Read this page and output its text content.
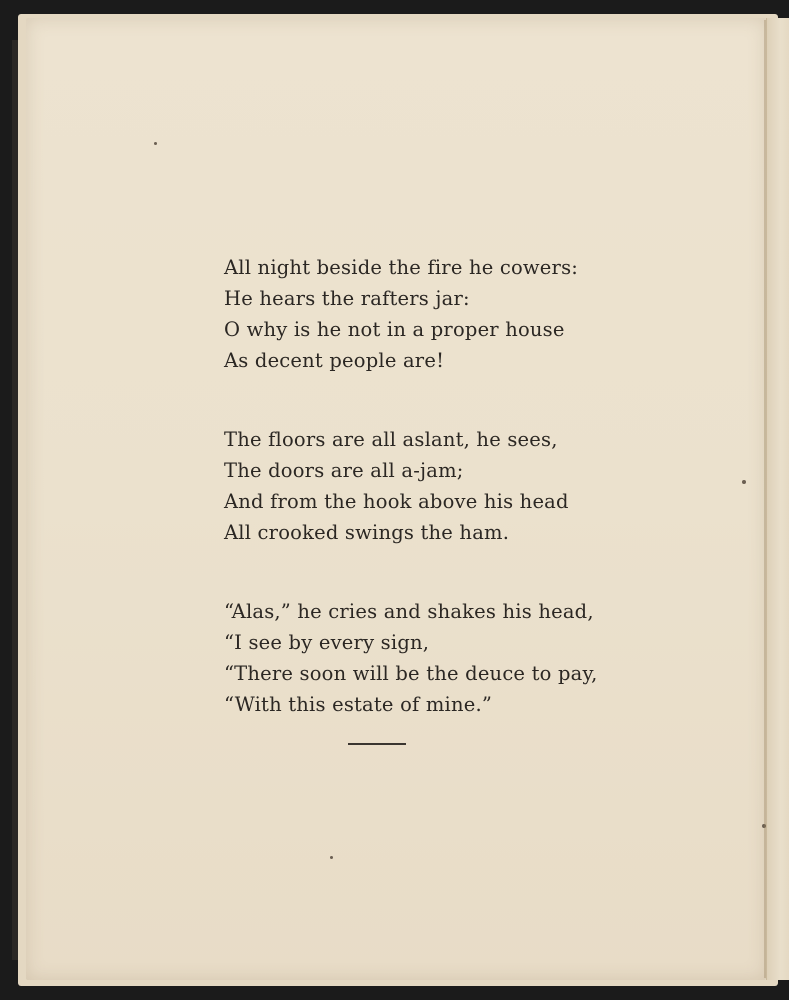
All night beside the fire he cowers:
He hears the rafters jar:
O why is he not in a proper house
As decent people are!
The floors are all aslant, he sees,
The doors are all a-jam;
And from the hook above his head
All crooked swings the ham.
“Alas,” he cries and shakes his head,
“I see by every sign,
“There soon will be the deuce to pay,
“With this estate of mine.”
